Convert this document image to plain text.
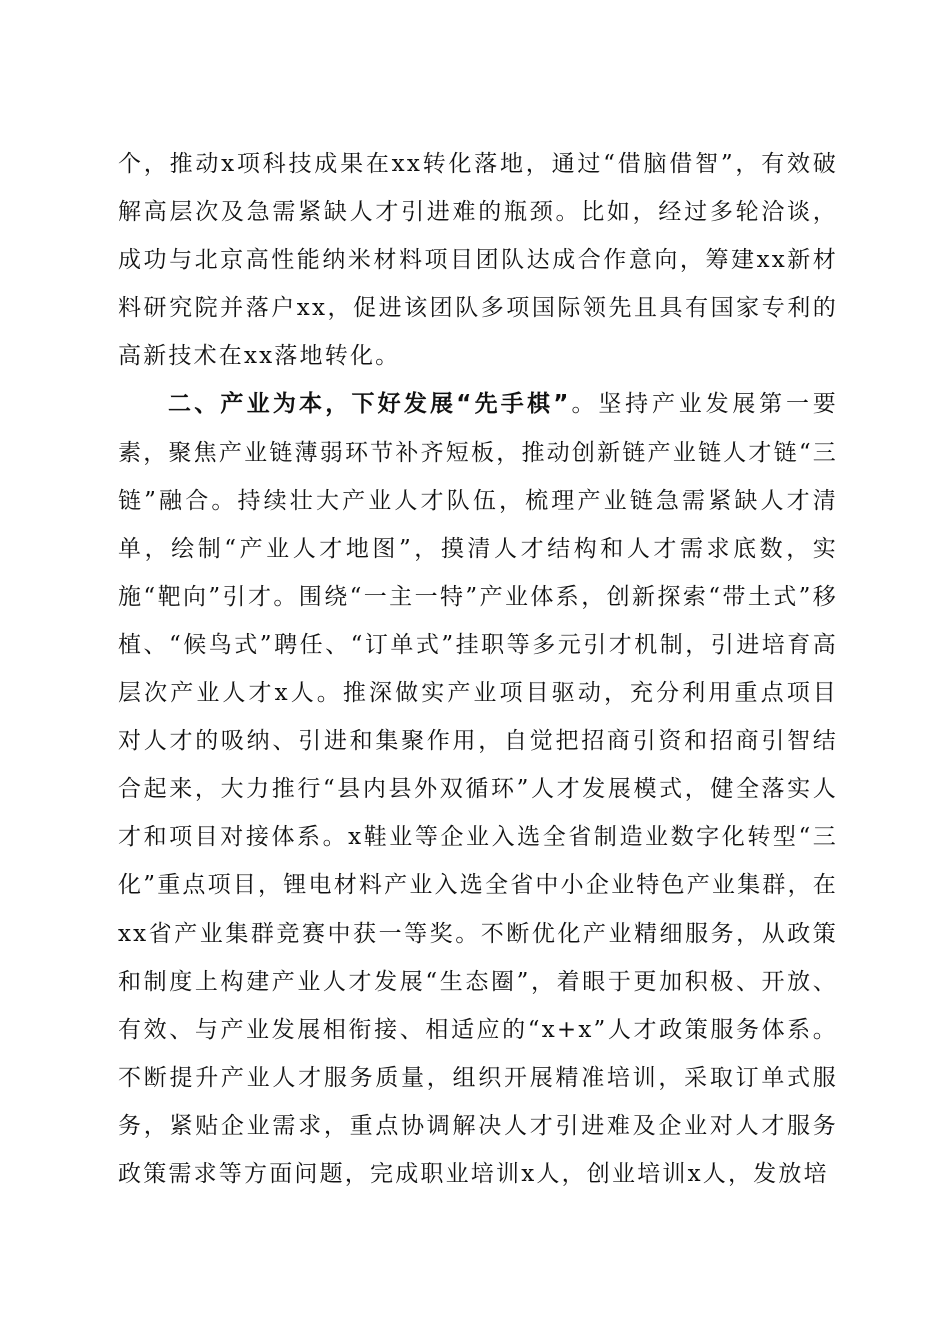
个，推动x项科技成果在xx转化落地，通过“借脑借智”，有效破解高层次及急需紧缺人才引进难的瓶颈。比如，经过多轮洽谈，成功与北京高性能纳米材料项目团队达成合作意向，筹建xx新材料研究院并落户xx，促进该团队多项国际领先且具有国家专利的高新技术在xx落地转化。

二、产业为本，下好发展“先手棋”。坚持产业发展第一要素，聚焦产业链薄弱环节补齐短板，推动创新链产业链人才链“三链”融合。持续壮大产业人才队伍，梳理产业链急需紧缺人才清单，绘制“产业人才地图”，摸清人才结构和人才需求底数，实施“靶向”引才。围绕“一主一特”产业体系，创新探索“带土式”移植、“候鸟式”聘任、“订单式”挂职等多元引才机制，引进培育高层次产业人才x人。推深做实产业项目驱动，充分利用重点项目对人才的吸纳、引进和集聚作用，自觉把招商引资和招商引智结合起来，大力推行“县内县外双循环”人才发展模式，健全落实人才和项目对接体系。x鞋业等企业入选全省制造业数字化转型“三化”重点项目，锂电材料产业入选全省中小企业特色产业集群，在xx省产业集群竞赛中获一等奖。不断优化产业精细服务，从政策和制度上构建产业人才发展“生态圈”，着眼于更加积极、开放、有效、与产业发展相衔接、相适应的“x+x”人才政策服务体系。不断提升产业人才服务质量，组织开展精准培训，采取订单式服务，紧贴企业需求，重点协调解决人才引进难及企业对人才服务政策需求等方面问题，完成职业培训x人，创业培训x人，发放培
